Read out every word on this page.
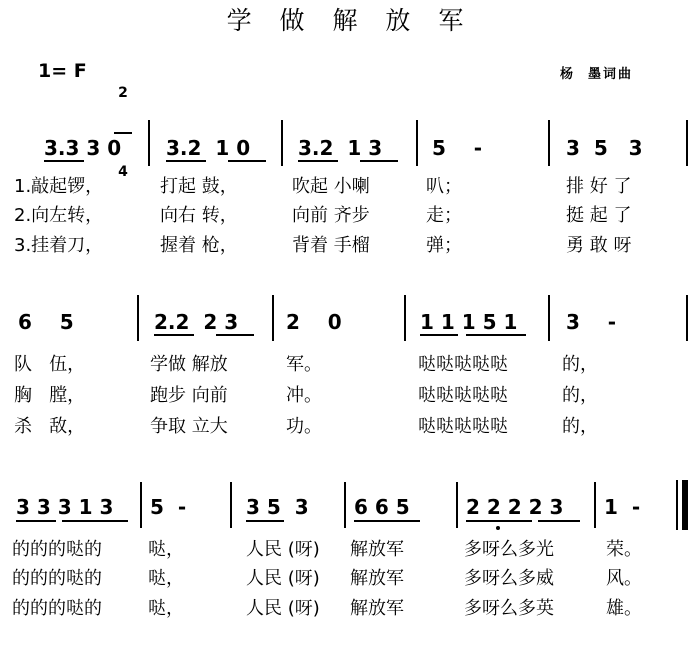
学 做 解 放 军
1= F

2

4

杨  墨词曲
3.3 3 0 3.2  1 0 3.2  1 3 5    -	3  5   3
1.敲起锣，	打起 鼓，	吹起 小喇	叭；	排 好 了
2.向左转，	向右 转，	向前 齐步	走；	挺 起 了
3.挂着刀，	握着 枪，	背着 手榴	弹；	勇 敢 呀
6    5	2.2  2 3 2    0	1 1 1 5 1 3    -
队   伍，	学做 解放	军。	哒哒哒哒哒	的，
胸   膛，	跑步 向前	冲。	哒哒哒哒哒	的，
杀   敌，	争取 立大	功。	哒哒哒哒哒	的，
3 3 3 1 3 5  -	3 5  3 6 6 5	2 2 2 2 3 1  -
的的的哒的	哒，	人民 (呀) 解放军	多呀么多光	荣。
的的的哒的	哒，	人民 (呀) 解放军	多呀么多威	风。
的的的哒的	哒，	人民 (呀) 解放军	多呀么多英	雄。
